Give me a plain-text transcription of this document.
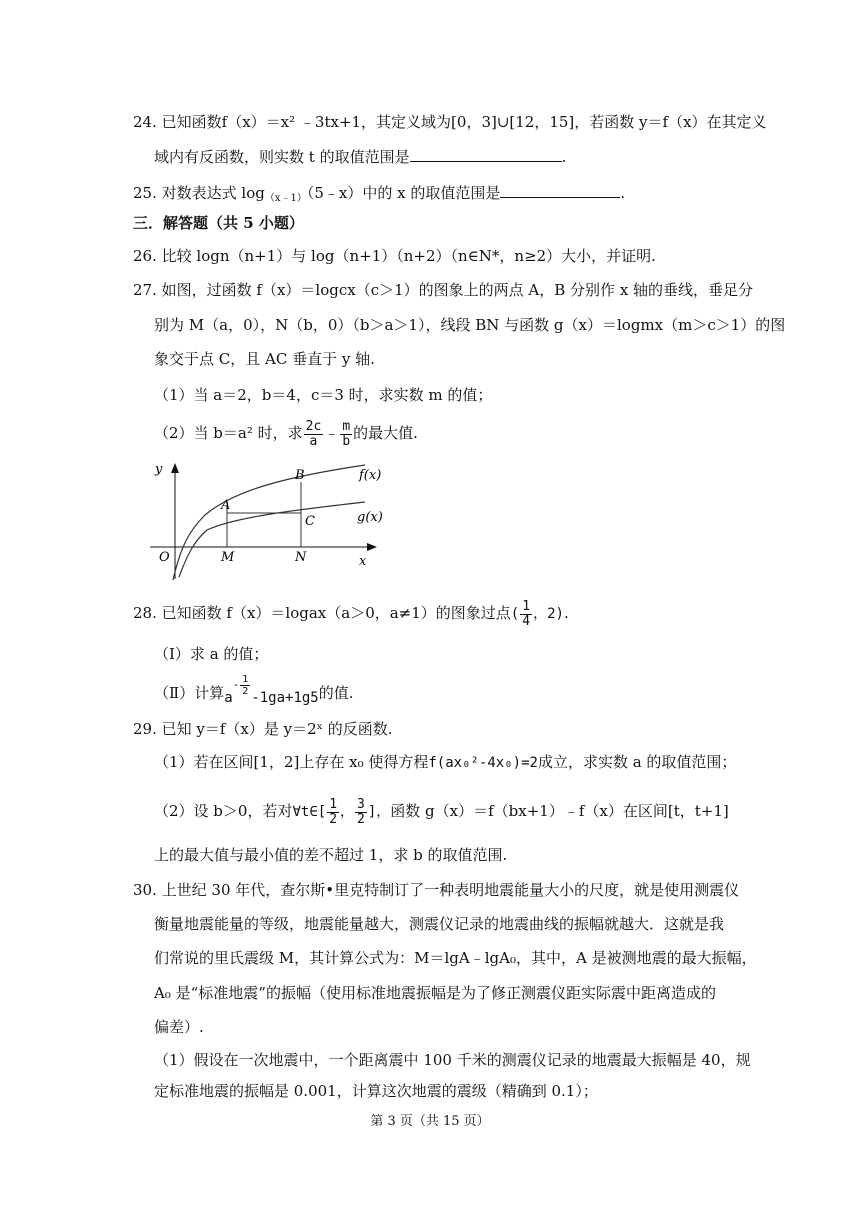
24. 已知函数f（x）＝x² ﹣3tx+1，其定义域为[0，3]∪[12，15]，若函数 y＝f（x）在其定义
域内有反函数，则实数 t 的取值范围是	.
25. 对数表达式 $\log_{(x﹣1)}(5﹣x)$中的 x 的取值范围是	.
三．解答题（共 5 小题）
26. 比较 logn（n+1）与 log（n+1）（n+2）（n∈N*，n≥2）大小，并证明.
27. 如图，过函数 f（x）＝logcx（c＞1）的图象上的两点 A，B 分别作 x 轴的垂线，垂足分
别为 M（a，0），N（b，0）（b＞a＞1），线段 BN 与函数 g（x）＝logmx（m＞c＞1）的图
象交于点 C，且 AC 垂直于 y 轴.
（1）当 a＝2，b＝4，c＝3 时，求实数 m 的值；
（2）当 b＝a² 时，求 $\frac{2c}{a}$ ﹣ $\frac{m}{b}$ 的最大值.
y
x
O
A
B
C
M	N
f(x)
g(x)
28. 已知函数 f（x）＝logax（a＞0，a≠1）的图象过点( $\frac{1}{4}$ ，2).
（Ⅰ）求 a 的值；
（Ⅱ）计算$a^{- \frac{1}{2}}$
-1ga+1g5的值.
29. 已知 y＝f（x）是 y＝2ˣ 的反函数.
（1）若在区间[1，2]上存在 x₀ 使得方程f(ax₀²-4x₀)=2成立，求实数 a 的取值范围；
（2）设 b＞0，若对∀t∈[ $\frac{1}{2}$ ， $\frac{3}{2}$ ]，函数 g（x）＝f（bx+1）﹣f（x）在区间[t，t+1]
上的最大值与最小值的差不超过 1，求 b 的取值范围.
30. 上世纪 30 年代，查尔斯•里克特制订了一种表明地震能量大小的尺度，就是使用测震仪
衡量地震能量的等级，地震能量越大，测震仪记录的地震曲线的振幅就越大．这就是我
们常说的里氏震级 M，其计算公式为：M＝lgA﹣lgA₀，其中，A 是被测地震的最大振幅，
A₀ 是“标准地震”的振幅（使用标准地震振幅是为了修正测震仪距实际震中距离造成的
偏差）.
（1）假设在一次地震中，一个距离震中 100 千米的测震仪记录的地震最大振幅是 40，规
定标准地震的振幅是 0.001，计算这次地震的震级（精确到 0.1）；
第 3 页（共 15 页）
